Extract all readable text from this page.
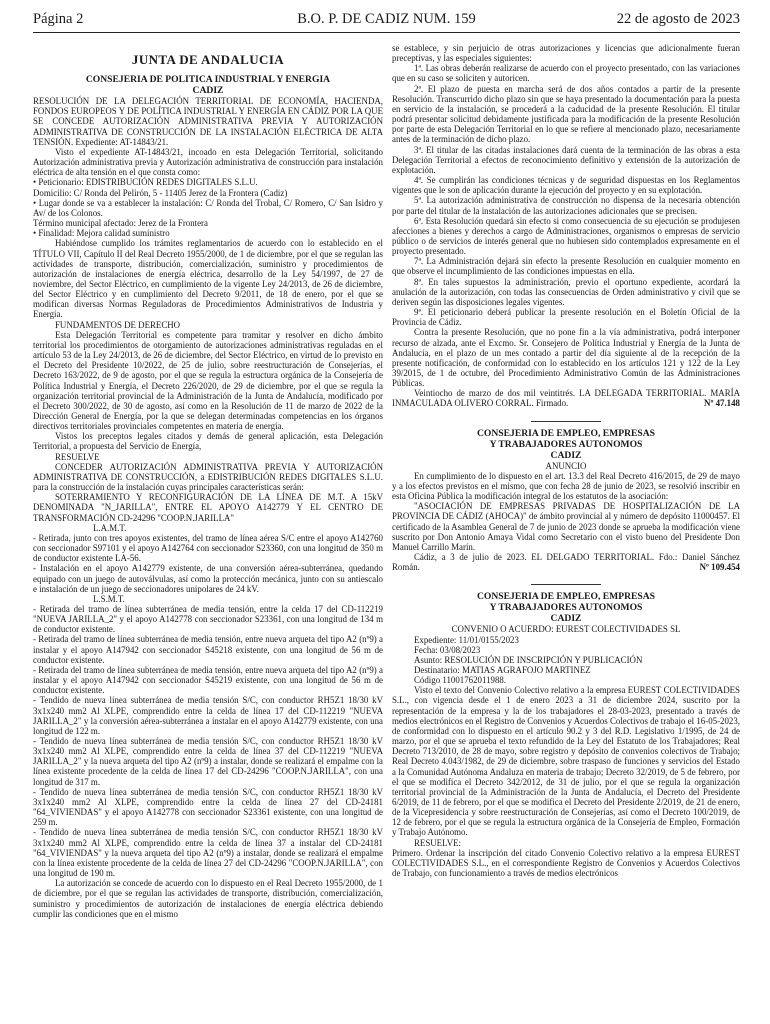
Página 2	B.O. P. DE CADIZ NUM. 159	22 de agosto de 2023
JUNTA DE ANDALUCIA
CONSEJERIA DE POLITICA INDUSTRIAL Y ENERGIA
CADIZ

RESOLUCIÓN DE LA DELEGACIÓN TERRITORIAL DE ECONOMÍA, HACIENDA, FONDOS EUROPEOS Y DE POLÍTICA INDUSTRIAL Y ENERGÍA EN CÁDIZ POR LA QUE SE CONCEDE AUTORIZACIÓN ADMINISTRATIVA PREVIA Y AUTORIZACIÓN ADMINISTRATIVA DE CONSTRUCCIÓN DE LA INSTALACIÓN ELÉCTRICA DE ALTA TENSIÓN. Expediente: AT-14843/21.

Visto el expediente AT-14843/21, incoado en esta Delegación Territorial, solicitando Autorización administrativa previa y Autorización administrativa de construcción para instalación eléctrica de alta tensión en el que consta como:

• Peticionario: EDISTRIBUCIÓN REDES DIGITALES S.L.U.

Domicilio: C/ Ronda del Pelirón, 5 - 11405 Jerez de la Frontera (Cadiz)

• Lugar donde se va a establecer la instalación: C/ Ronda del Trobal, C/ Romero, C/ San Isidro y Av/ de los Colonos.

Término municipal afectado: Jerez de la Frontera

• Finalidad: Mejora calidad suministro

Habiéndose cumplido los trámites reglamentarios de acuerdo con lo establecido en el TÍTULO VII, Capítulo II del Real Decreto 1955/2000, de 1 de diciembre, por el que se regulan las actividades de transporte, distribución, comercialización, suministro y procedimientos de autorización de instalaciones de energía eléctrica, desarrollo de la Ley 54/1997, de 27 de noviembre, del Sector Eléctrico, en cumplimiento de la vigente Ley 24/2013, de 26 de diciembre, del Sector Eléctrico y en cumplimiento del Decreto 9/2011, de 18 de enero, por el que se modifican diversas Normas Reguladoras de Procedimientos Administrativos de Industria y Energía.

FUNDAMENTOS DE DERECHO

Esta Delegación Territorial es competente para tramitar y resolver en dicho ámbito territorial los procedimientos de otorgamiento de autorizaciones administrativas reguladas en el artículo 53 de la Ley 24/2013, de 26 de diciembre, del Sector Eléctrico, en virtud de lo previsto en el Decreto del Presidente 10/2022, de 25 de julio, sobre reestructuración de Consejerías, el Decreto 163/2022, de 9 de agosto, por el que se regula la estructura orgánica de la Consejería de Política Industrial y Energía, el Decreto 226/2020, de 29 de diciembre, por el que se regula la organización territorial provincial de la Administración de la Junta de Andalucía, modificado por el Decreto 300/2022, de 30 de agosto, así como en la Resolución de 11 de marzo de 2022 de la Dirección General de Energía, por la que se delegan determinadas competencias en los órganos directivos territoriales provinciales competentes en materia de energía.

Vistos los preceptos legales citados y demás de general aplicación, esta Delegación Territorial, a propuesta del Servicio de Energía,

RESUELVE

CONCEDER AUTORIZACIÓN ADMINISTRATIVA PREVIA Y AUTORIZACIÓN ADMINISTRATIVA DE CONSTRUCCIÓN, a EDISTRIBUCIÓN REDES DIGITALES S.L.U. para la construcción de la instalación cuyas principales características serán:

SOTERRAMIENTO Y RECONFIGURACIÓN DE LA LÍNEA DE M.T. A 15kV DENOMINADA "N_JARILLA", ENTRE EL APOYO A142779 Y EL CENTRO DE TRANSFORMACIÓN CD-24296 "COOP.N.JARILLA"

L.A.M.T.

- Retirada, junto con tres apoyos existentes, del tramo de línea aérea S/C entre el apoyo A142760 con seccionador S97101 y el apoyo A142764 con seccionador S23360, con una longitud de 350 m de conductor existente LA-56.

- Instalación en el apoyo A142779 existente, de una conversión aérea-subterránea, quedando equipado con un juego de autoválvulas, así como la protección mecánica, junto con su antiescalo e instalación de un juego de seccionadores unipolares de 24 kV.

L.S.M.T.

- Retirada del tramo de línea subterránea de media tensión, entre la celda 17 del CD-112219 "NUEVA JARILLA_2" y el apoyo A142778 con seccionador S23361, con una longitud de 134 m de conductor existente.

- Retirada del tramo de línea subterránea de media tensión, entre nueva arqueta del tipo A2 (nº9) a instalar y el apoyo A147942 con seccionador S45218 existente, con una longitud de 56 m de conductor existente.

- Retirada del tramo de línea subterránea de media tensión, entre nueva arqueta del tipo A2 (nº9) a instalar y el apoyo A147942 con seccionador S45219 existente, con una longitud de 56 m de conductor existente.

- Tendido de nueva línea subterránea de media tensión S/C, con conductor RH5Z1 18/30 kV 3x1x240 mm2 Al XLPE, comprendido entre la celda de línea 17 del CD-112219 "NUEVA JARILLA_2" y la conversión aérea-subterránea a instalar en el apoyo A142779 existente, con una longitud de 122 m.

- Tendido de nueva línea subterránea de media tensión S/C, con conductor RH5Z1 18/30 kV 3x1x240 mm2 Al XLPE, comprendido entre la celda de línea 37 del CD-112219 "NUEVA JARILLA_2" y la nueva arqueta del tipo A2 (nº9) a instalar, donde se realizará el empalme con la línea existente procedente de la celda de línea 17 del CD-24296 "COOP.N.JARILLA", con una longitud de 317 m.

- Tendido de nueva línea subterránea de media tensión S/C, con conductor RH5Z1 18/30 kV 3x1x240 mm2 Al XLPE, comprendido entre la celda de línea 27 del CD-24181 "64_VIVIENDAS" y el apoyo A142778 con seccionador S23361 existente, con una longitud de 259 m.

- Tendido de nueva línea subterránea de media tensión S/C, con conductor RH5Z1 18/30 kV 3x1x240 mm2 Al XLPE, comprendido entre la celda de línea 37 a instalar del CD-24181 "64_VIVIENDAS" y la nueva arqueta del tipo A2 (nº9) a instalar, donde se realizará el empalme con la línea existente procedente de la celda de línea 27 del CD-24296 "COOP.N.JARILLA", con una longitud de 190 m.

La autorización se concede de acuerdo con lo dispuesto en el Real Decreto 1955/2000, de 1 de diciembre, por el que se regulan las actividades de transporte, distribución, comercialización, suministro y procedimientos de autorización de instalaciones de energía eléctrica debiendo cumplir las condiciones que en el mismo

se establece, y sin perjuicio de otras autorizaciones y licencias que adicionalmente fueran preceptivas, y las especiales siguientes:

1ª. Las obras deberán realizarse de acuerdo con el proyecto presentado, con las variaciones que en su caso se soliciten y autoricen.

2ª. El plazo de puesta en marcha será de dos años contados a partir de la presente Resolución. Transcurrido dicho plazo sin que se haya presentado la documentación para la puesta en servicio de la instalación, se procederá a la caducidad de la presente Resolución. El titular podrá presentar solicitud debidamente justificada para la modificación de la presente Resolución por parte de esta Delegación Territorial en lo que se refiere al mencionado plazo, necesariamente antes de la terminación de dicho plazo.

3ª. El titular de las citadas instalaciones dará cuenta de la terminación de las obras a esta Delegación Territorial a efectos de reconocimiento definitivo y extensión de la autorización de explotación.

4ª. Se cumplirán las condiciones técnicas y de seguridad dispuestas en los Reglamentos vigentes que le son de aplicación durante la ejecución del proyecto y en su explotación.

5ª. La autorización administrativa de construcción no dispensa de la necesaria obtención por parte del titular de la instalación de las autorizaciones adicionales que se precisen.

6ª. Esta Resolución quedará sin efecto si como consecuencia de su ejecución se produjesen afecciones a bienes y derechos a cargo de Administraciones, organismos o empresas de servicio público o de servicios de interés general que no hubiesen sido contemplados expresamente en el proyecto presentado.

7ª. La Administración dejará sin efecto la presente Resolución en cualquier momento en que observe el incumplimiento de las condiciones impuestas en ella.

8ª. En tales supuestos la administración, previo el oportuno expediente, acordará la anulación de la autorización, con todas las consecuencias de Orden administrativo y civil que se deriven según las disposiciones legales vigentes.

9ª. El peticionario deberá publicar la presente resolución en el Boletín Oficial de la Provincia de Cádiz.

Contra la presente Resolución, que no pone fin a la vía administrativa, podrá interponer recurso de alzada, ante el Excmo. Sr. Consejero de Política Industrial y Energía de la Junta de Andalucía, en el plazo de un mes contado a partir del día siguiente al de la recepción de la presente notificación, de conformidad con lo establecido en los artículos 121 y 122 de la Ley 39/2015, de 1 de octubre, del Procedimiento Administrativo Común de las Administraciones Públicas.

Veintiocho de marzo de dos mil veintitrés. LA DELEGADA TERRITORIAL. MARÍA INMACULADA OLIVERO CORRAL. Firmado.	Nº 47.148

CONSEJERIA DE EMPLEO, EMPRESAS
Y TRABAJADORES AUTONOMOS
CADIZ

ANUNCIO

En cumplimiento de lo dispuesto en el art. 13.3 del Real Decreto 416/2015, de 29 de mayo y a los efectos previstos en el mismo, que con fecha 28 de junio de 2023, se resolvió inscribir en esta Oficina Pública la modificación integral de los estatutos de la asociación:

"ASOCIACIÓN DE EMPRESAS PRIVADAS DE HOSPITALIZACIÓN DE LA PROVINCIA DE CÁDIZ (AHOCA)" de ámbito provincial al y número de depósito 11000457. El certificado de la Asamblea General de 7 de junio de 2023 donde se aprueba la modificación viene suscrito por Don Antonio Amaya Vidal como Secretario con el visto bueno del Presidente Don Manuel Carrillo Marín.

Cádiz, a 3 de julio de 2023. EL DELGADO TERRITORIAL. Fdo.: Daniel Sánchez Román.	Nº 109.454

CONSEJERIA DE EMPLEO, EMPRESAS
Y TRABAJADORES AUTONOMOS
CADIZ

CONVENIO O ACUERDO: EUREST COLECTIVIDADES SL

Expediente: 11/01/0155/2023

Fecha: 03/08/2023

Asunto: RESOLUCIÓN DE INSCRIPCIÓN Y PUBLICACIÓN

Destinatario: MATIAS AGRAFOJO MARTINEZ

Código 11001762011988.

Visto el texto del Convenio Colectivo relativo a la empresa EUREST COLECTIVIDADES S.L., con vigencia desde el 1 de enero 2023 a 31 de diciembre 2024, suscrito por la representación de la empresa y la de los trabajadores el 28-03-2023, presentado a través de medios electrónicos en el Registro de Convenios y Acuerdos Colectivos de trabajo el 16-05-2023, de conformidad con lo dispuesto en el artículo 90.2 y 3 del R.D. Legislativo 1/1995, de 24 de marzo, por el que se aprueba el texto refundido de la Ley del Estatuto de los Trabajadores; Real Decreto 713/2010, de 28 de mayo, sobre registro y depósito de convenios colectivos de Trabajo; Real Decreto 4.043/1982, de 29 de diciembre, sobre traspaso de funciones y servicios del Estado a la Comunidad Autónoma Andaluza en materia de trabajo; Decreto 32/2019, de 5 de febrero, por el que se modifica el Decreto 342/2012, de 31 de julio, por el que se regula la organización territorial provincial de la Administración de la Junta de Andalucía, el Decreto del Presidente 6/2019, de 11 de febrero, por el que se modifica el Decreto del Presidente 2/2019, de 21 de enero, de la Vicepresidencia y sobre reestructuración de Consejerías, así como el Decreto 100/2019, de 12 de febrero, por el que se regula la estructura orgánica de la Consejería de Empleo, Formación y Trabajo Autónomo.

RESUELVE:

Primero. Ordenar la inscripción del citado Convenio Colectivo relativo a la empresa EUREST COLECTIVIDADES S.L., en el correspondiente Registro de Convenios y Acuerdos Colectivos de Trabajo, con funcionamiento a través de medios electrónicos
